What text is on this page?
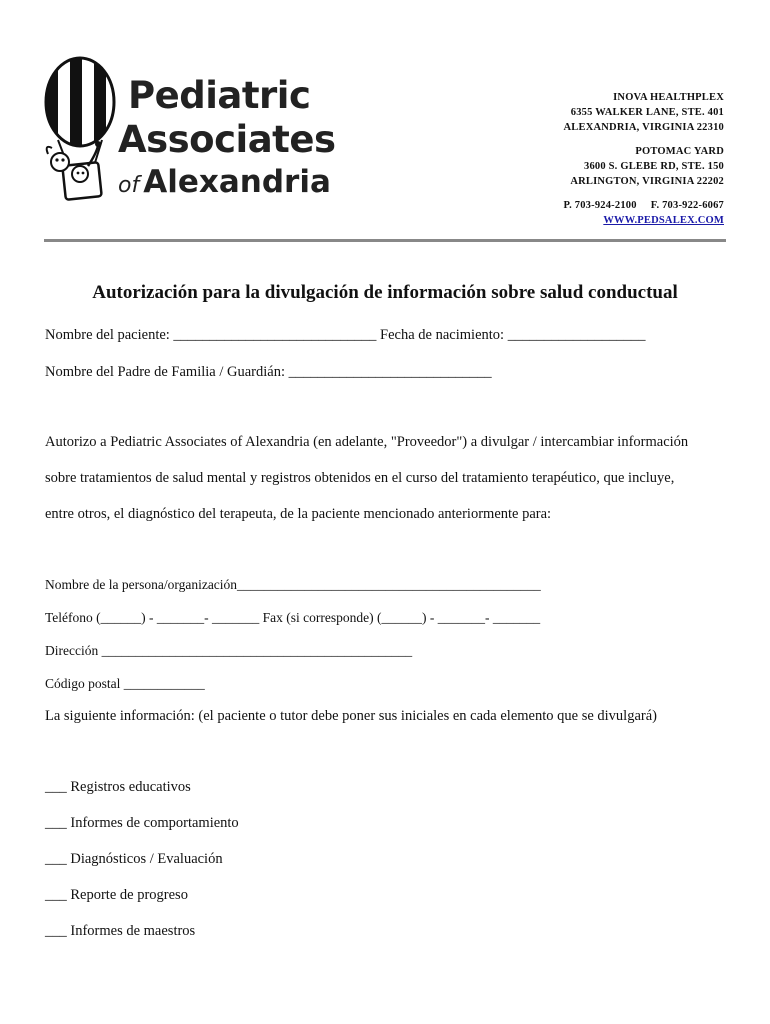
Pediatric
Associates
of Alexandria
INOVA HEALTHPLEX
6355 WALKER LANE, STE. 401
ALEXANDRIA, VIRGINIA 22310
POTOMAC YARD
3600 S. GLEBE RD, STE. 150
ARLINGTON, VIRGINIA 22202
P. 703-924-2100     F. 703-922-6067
WWW.PEDSALEX.COM
Autorización para la divulgación de información sobre salud conductual
Nombre del paciente: ____________________________ Fecha de nacimiento: ___________________
Nombre del Padre de Familia / Guardián: ____________________________
Autorizo a Pediatric Associates of Alexandria (en adelante, "Proveedor") a divulgar / intercambiar información
sobre tratamientos de salud mental y registros obtenidos en el curso del tratamiento terapéutico, que incluye,
entre otros, el diagnóstico del terapeuta, de la paciente mencionado anteriormente para:
Nombre de la persona/organización_____________________________________________
Teléfono (______) - _______- _______ Fax (si corresponde) (______) - _______- _______
Dirección ______________________________________________
Código postal ____________
La siguiente información: (el paciente o tutor debe poner sus iniciales en cada elemento que se divulgará)
___ Registros educativos
___ Informes de comportamiento
___ Diagnósticos / Evaluación
___ Reporte de progreso
___ Informes de maestros
